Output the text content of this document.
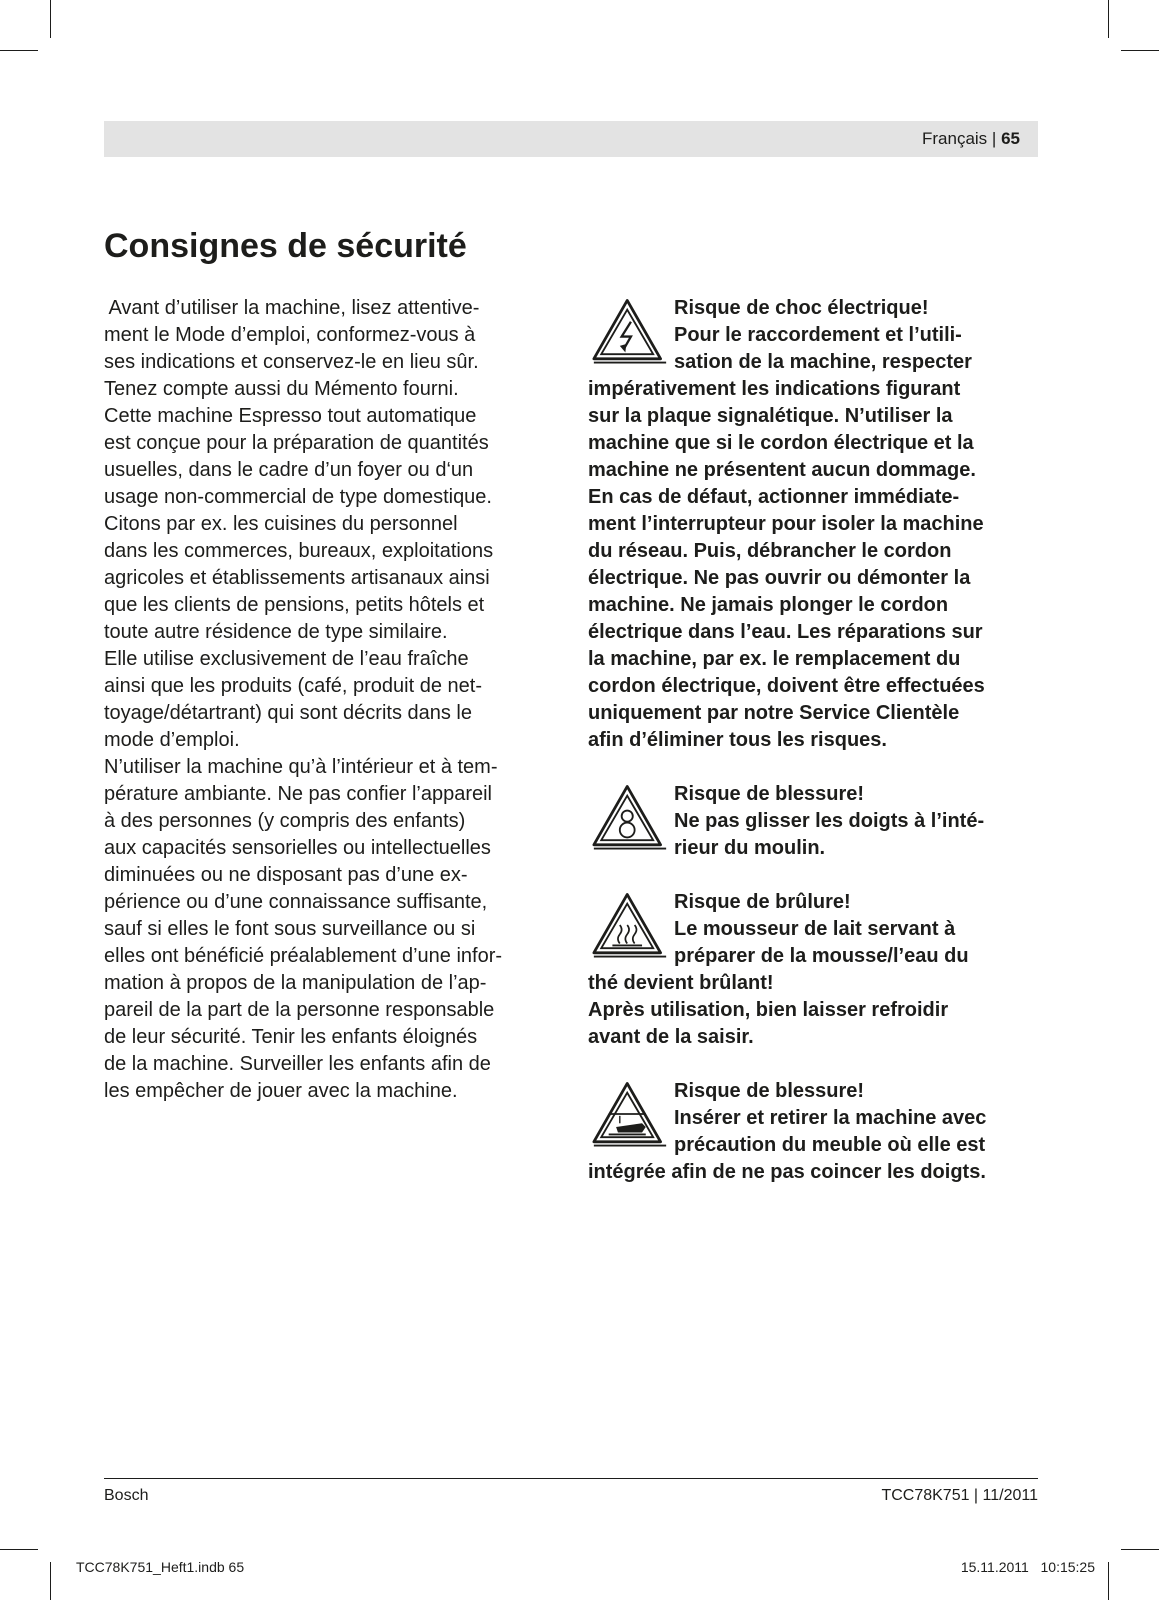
Français | 65
Consignes de sécurité

Avant d’utiliser la machine, lisez attentive-

ment le Mode d’emploi, conformez-vous à

ses indications et conservez-le en lieu sûr.

Tenez compte aussi du Mémento fourni.

Cette machine Espresso tout automatique

est conçue pour la préparation de quantités

usuelles, dans le cadre d’un foyer ou d‘un

usage non-commercial de type domestique.

Citons par ex. les cuisines du personnel

dans les commerces, bureaux, exploitations

agricoles et établissements artisanaux ainsi

que les clients de pensions, petits hôtels et

toute autre résidence de type similaire.

Elle utilise exclusivement de l’eau fraîche

ainsi que les produits (café, produit de net-

toyage/détartrant) qui sont décrits dans le

mode d’emploi.

N’utiliser la machine qu’à l’intérieur et à tem-

pérature ambiante. Ne pas confier l’appareil

à des personnes (y compris des enfants)

aux capacités sensorielles ou intellectuelles

diminuées ou ne disposant pas d’une ex-

périence ou d’une connaissance suffisante,

sauf si elles le font sous surveillance ou si

elles ont bénéficié préalablement d’une infor-

mation à propos de la manipulation de l’ap-

pareil de la part de la personne responsable

de leur sécurité. Tenir les enfants éloignés

de la machine. Surveiller les enfants afin de

les empêcher de jouer avec la machine.

Risque de choc électrique!
Pour le raccordement et l’utili-
sation de la machine, respecter
impérativement les indications figurant
sur la plaque signalétique. N’utiliser la
machine que si le cordon électrique et la
machine ne présentent aucun dommage.
En cas de défaut, actionner immédiate-
ment l’interrupteur pour isoler la machine
du réseau. Puis, débrancher le cordon
électrique. Ne pas ouvrir ou démonter la
machine. Ne jamais plonger le cordon
électrique dans l’eau. Les réparations sur
la machine, par ex. le remplacement du
cordon électrique, doivent être effectuées
uniquement par notre Service Clientèle
afin d’éliminer tous les risques.
Risque de blessure!
Ne pas glisser les doigts à l’inté-
rieur du moulin.
Risque de brûlure!
Le mousseur de lait servant à
préparer de la mousse/l’eau du
thé devient brûlant!
Après utilisation, bien laisser refroidir
avant de la saisir.
Risque de blessure!
Insérer et retirer la machine avec
précaution du meuble où elle est
intégrée afin de ne pas coincer les doigts.
Bosch	TCC78K751 | 11/2011
TCC78K751_Heft1.indb 65	15.11.2011   10:15:25
